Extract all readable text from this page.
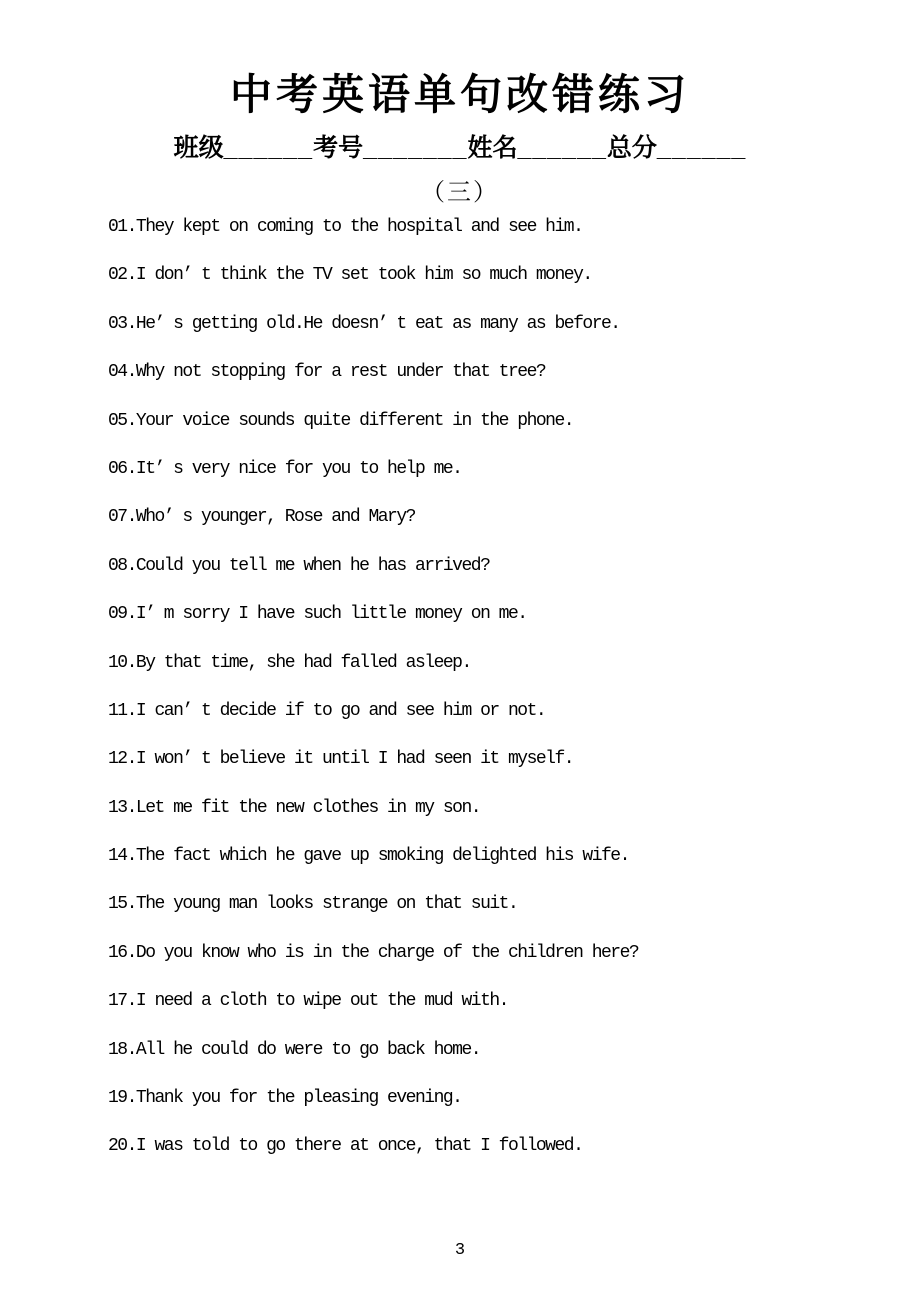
中考英语单句改错练习
班级______考号_______姓名______总分______
（三）
01.They kept on coming to the hospital and see him.
02.I don’ t think the TV set took him so much money.
03.He’ s getting old.He doesn’ t eat as many as before.
04.Why not stopping for a rest under that tree?
05.Your voice sounds quite different in the phone.
06.It’ s very nice for you to help me.
07.Who’ s younger, Rose and Mary?
08.Could you tell me when he has arrived?
09.I’ m sorry I have such little money on me.
10.By that time, she had falled asleep.
11.I can’ t decide if to go and see him or not.
12.I won’ t believe it until I had seen it myself.
13.Let me fit the new clothes in my son.
14.The fact which he gave up smoking delighted his wife.
15.The young man looks strange on that suit.
16.Do you know who is in the charge of the children here?
17.I need a cloth to wipe out the mud with.
18.All he could do were to go back home.
19.Thank you for the pleasing evening.
20.I was told to go there at once, that I followed.
3
